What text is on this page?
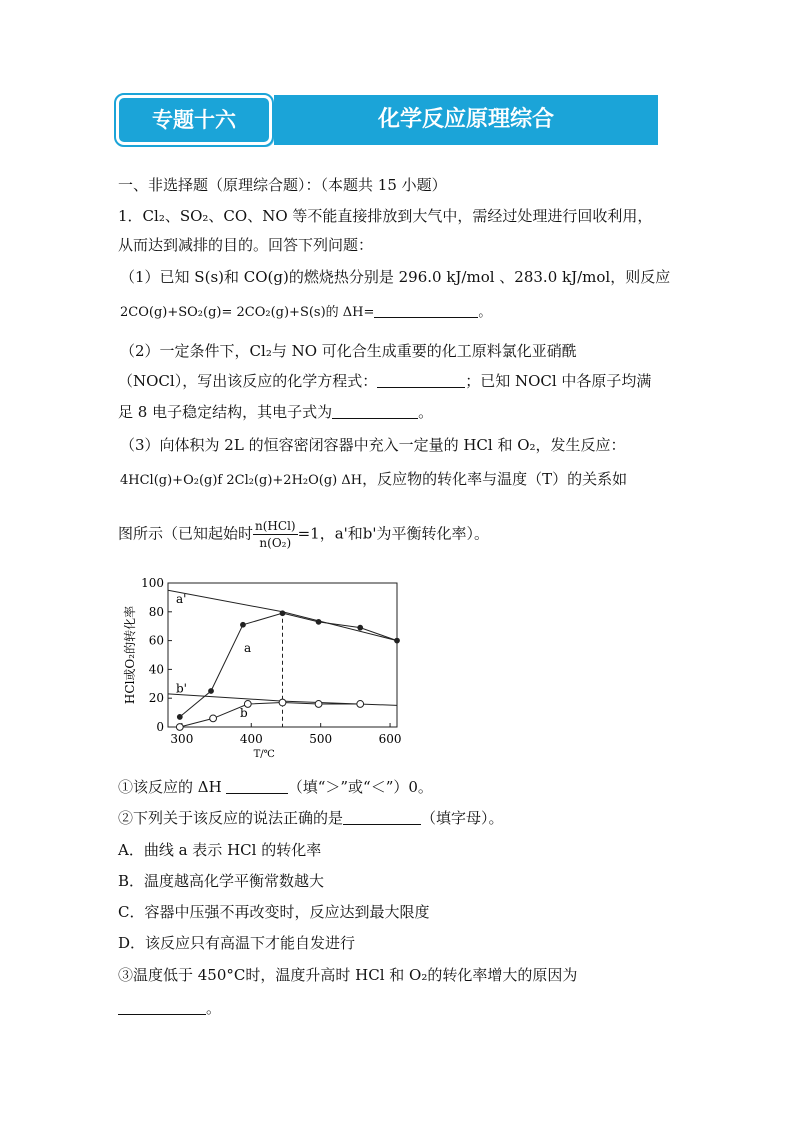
专题十六	化学反应原理综合
一、非选择题（原理综合题）：（本题共 15 小题）
1．Cl₂、SO₂、CO、NO 等不能直接排放到大气中，需经过处理进行回收利用，
从而达到减排的目的。回答下列问题：
（1）已知 S(s)和 CO(g)的燃烧热分别是 296.0 kJ/mol 、283.0 kJ/mol，则反应
2CO(g)+SO₂(g)= 2CO₂(g)+S(s)的 ΔH=	。
（2）一定条件下，Cl₂与 NO 可化合生成重要的化工原料氯化亚硝酰
（NOCl），写出该反应的化学方程式：	；已知 NOCl 中各原子均满
足 8 电子稳定结构，其电子式为	。
（3）向体积为 2L 的恒容密闭容器中充入一定量的 HCl 和 O₂，发生反应：
4HCl(g)+O₂(g)f 2Cl₂(g)+2H₂O(g) ΔH，反应物的转化率与温度（T）的关系如
图所示（已知起始时 $\frac{\text{n(HCl)}}{\text{n(O₂)}} =1$，a'和b'为平衡转化率）。
0
20
40
60
80
100
300	400	500	600
T/℃
HCl或O₂的转化率
a'
a
b'
b
①该反应的 ΔH	（填“＞”或“＜”）0。
②下列关于该反应的说法正确的是	（填字母）。
A．曲线 a 表示 HCl 的转化率
B．温度越高化学平衡常数越大
C．容器中压强不再改变时，反应达到最大限度
D．该反应只有高温下才能自发进行
③温度低于 450°C时，温度升高时 HCl 和 O₂的转化率增大的原因为
。
